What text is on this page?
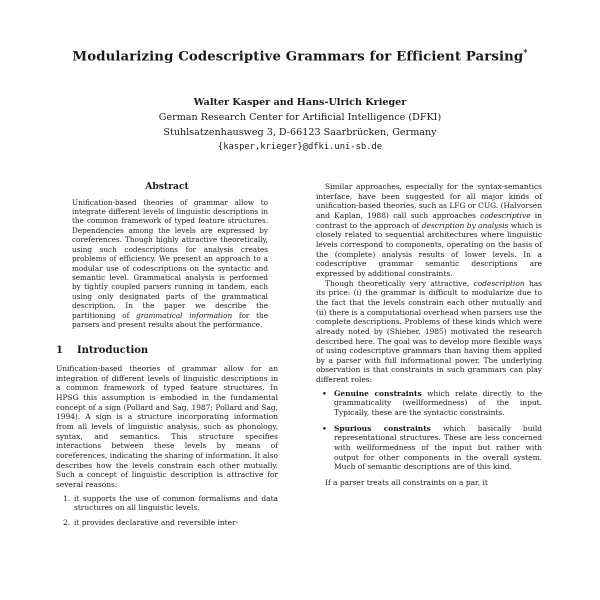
Modularizing Codescriptive Grammars for Efficient Parsing*
Walter Kasper and Hans-Ulrich Krieger
German Research Center for Artificial Intelligence (DFKI)
Stuhlsatzenhausweg 3, D-66123 Saarbrücken, Germany
{kasper,krieger}@dfki.uni-sb.de
Abstract

Unification-based theories of grammar allow to integrate different levels of linguistic descriptions in the common framework of typed feature structures. Dependencies among the levels are expressed by coreferences. Though highly attractive theoretically, using such codescriptions for analysis creates problems of efficiency. We present an approach to a modular use of codescriptions on the syntactic and semantic level. Grammatical analysis is performed by tightly coupled parsers running in tandem, each using only designated parts of the grammatical description. In the paper we describe the partitioning of grammatical information for the parsers and present results about the performance.

1 Introduction

Unification-based theories of grammar allow for an integration of different levels of linguistic descriptions in a common framework of typed feature structures. In HPSG this assumption is embodied in the fundamental concept of a sign (Pollard and Sag, 1987; Pollard and Sag, 1994). A sign is a structure incorporating information from all levels of linguistic analysis, such as phonology, syntax, and semantics. This structure specifies interactions between these levels by means of coreferences, indicating the sharing of information. It also describes how the levels constrain each other mutually. Such a concept of linguistic description is attractive for several reasons:

1. it supports the use of common formalisms and data structures on all linguistic levels,
2. it provides declarative and reversible inter-

Similar approaches, especially for the syntax-semantics interface, have been suggested for all major kinds of unification-based theories, such as LFG or CUG. (Halvorsen and Kaplan, 1988) call such approaches codescriptive in contrast to the approach of description by analysis which is closely related to sequential architectures where linguistic levels correspond to components, operating on the basis of the (complete) analysis results of lower levels. In a codescriptive grammar semantic descriptions are expressed by additional constraints.

Though theoretically very attractive, codescription has its price: (i) the grammar is difficult to modularize due to the fact that the levels constrain each other mutually and (ii) there is a computational overhead when parsers use the complete descriptions. Problems of these kinds which were already noted by (Shieber, 1985) motivated the research described here. The goal was to develop more flexible ways of using codescriptive grammars than having them applied by a parser with full informational power. The underlying observation is that constraints in such grammars can play different roles:

• Genuine constraints which relate directly to the grammaticality (wellformedness) of the input. Typically, these are the syntactic constraints.
• Spurious constraints which basically build representational structures. These are less concerned with wellformedness of the input but rather with output for other components in the overall system. Much of semantic descriptions are of this kind.

If a parser treats all constraints on a par, it
